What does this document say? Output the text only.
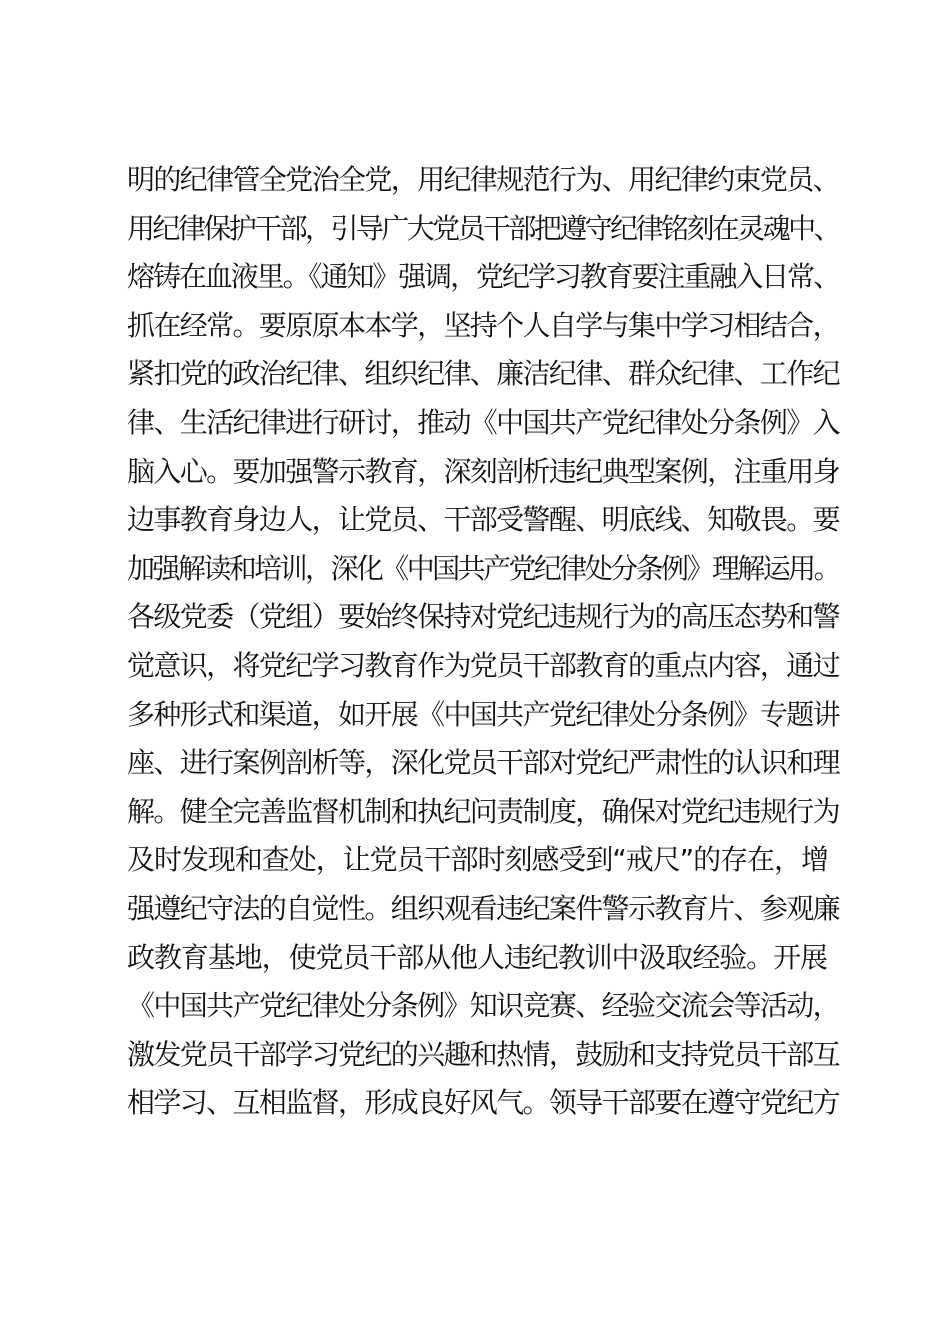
明的纪律管全党治全党，用纪律规范行为、用纪律约束党员、
用纪律保护干部，引导广大党员干部把遵守纪律铭刻在灵魂中、
熔铸在血液里。《通知》强调，党纪学习教育要注重融入日常、
抓在经常。要原原本本学，坚持个人自学与集中学习相结合，
紧扣党的政治纪律、组织纪律、廉洁纪律、群众纪律、工作纪
律、生活纪律进行研讨，推动《中国共产党纪律处分条例》入
脑入心。要加强警示教育，深刻剖析违纪典型案例，注重用身
边事教育身边人，让党员、干部受警醒、明底线、知敬畏。要
加强解读和培训，深化《中国共产党纪律处分条例》理解运用。
各级党委（党组）要始终保持对党纪违规行为的高压态势和警
觉意识，将党纪学习教育作为党员干部教育的重点内容，通过
多种形式和渠道，如开展《中国共产党纪律处分条例》专题讲
座、进行案例剖析等，深化党员干部对党纪严肃性的认识和理
解。健全完善监督机制和执纪问责制度，确保对党纪违规行为
及时发现和查处，让党员干部时刻感受到“戒尺”的存在，增
强遵纪守法的自觉性。组织观看违纪案件警示教育片、参观廉
政教育基地，使党员干部从他人违纪教训中汲取经验。开展
《中国共产党纪律处分条例》知识竞赛、经验交流会等活动，
激发党员干部学习党纪的兴趣和热情，鼓励和支持党员干部互
相学习、互相监督，形成良好风气。领导干部要在遵守党纪方
